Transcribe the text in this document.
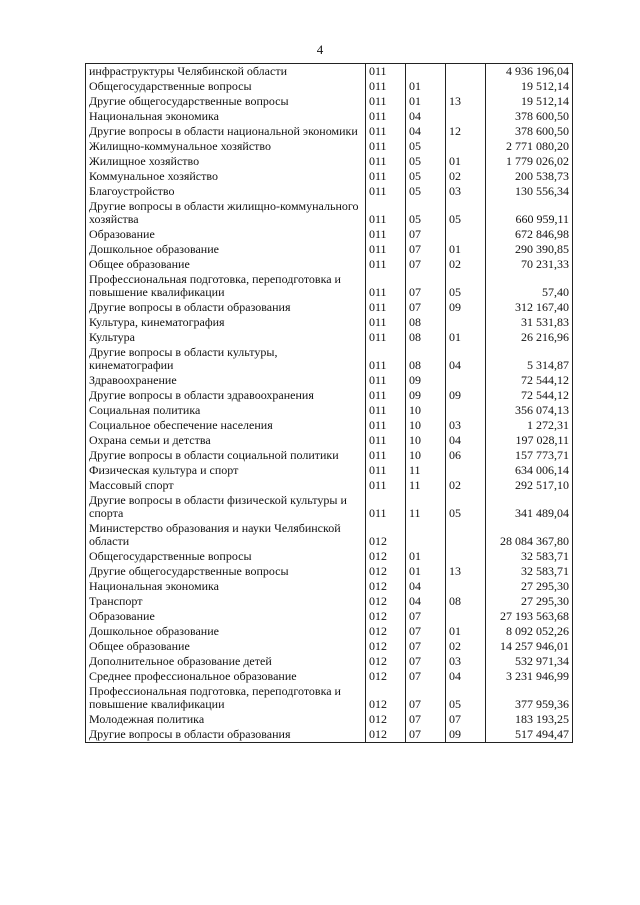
4
инфраструктуры Челябинской области	011			4 936 196,04
Общегосударственные вопросы	011	01		19 512,14
Другие общегосударственные вопросы	011	01	13	19 512,14
Национальная экономика	011	04		378 600,50
Другие вопросы в области национальной экономики	011	04	12	378 600,50
Жилищно-коммунальное хозяйство	011	05		2 771 080,20
Жилищное хозяйство	011	05	01	1 779 026,02
Коммунальное хозяйство	011	05	02	200 538,73
Благоустройство	011	05	03	130 556,34
Другие вопросы в области жилищно-коммунального хозяйства	011	05	05	660 959,11
Образование	011	07		672 846,98
Дошкольное образование	011	07	01	290 390,85
Общее образование	011	07	02	70 231,33
Профессиональная подготовка, переподготовка и повышение квалификации	011	07	05	57,40
Другие вопросы в области образования	011	07	09	312 167,40
Культура, кинематография	011	08		31 531,83
Культура	011	08	01	26 216,96
Другие вопросы в области культуры, кинематографии	011	08	04	5 314,87
Здравоохранение	011	09		72 544,12
Другие вопросы в области здравоохранения	011	09	09	72 544,12
Социальная политика	011	10		356 074,13
Социальное обеспечение населения	011	10	03	1 272,31
Охрана семьи и детства	011	10	04	197 028,11
Другие вопросы в области социальной политики	011	10	06	157 773,71
Физическая культура и спорт	011	11		634 006,14
Массовый спорт	011	11	02	292 517,10
Другие вопросы в области физической культуры и спорта	011	11	05	341 489,04
Министерство образования и науки Челябинской области	012			28 084 367,80
Общегосударственные вопросы	012	01		32 583,71
Другие общегосударственные вопросы	012	01	13	32 583,71
Национальная экономика	012	04		27 295,30
Транспорт	012	04	08	27 295,30
Образование	012	07		27 193 563,68
Дошкольное образование	012	07	01	8 092 052,26
Общее образование	012	07	02	14 257 946,01
Дополнительное образование детей	012	07	03	532 971,34
Среднее профессиональное образование	012	07	04	3 231 946,99
Профессиональная подготовка, переподготовка и повышение квалификации	012	07	05	377 959,36
Молодежная политика	012	07	07	183 193,25
Другие вопросы в области образования	012	07	09	517 494,47
